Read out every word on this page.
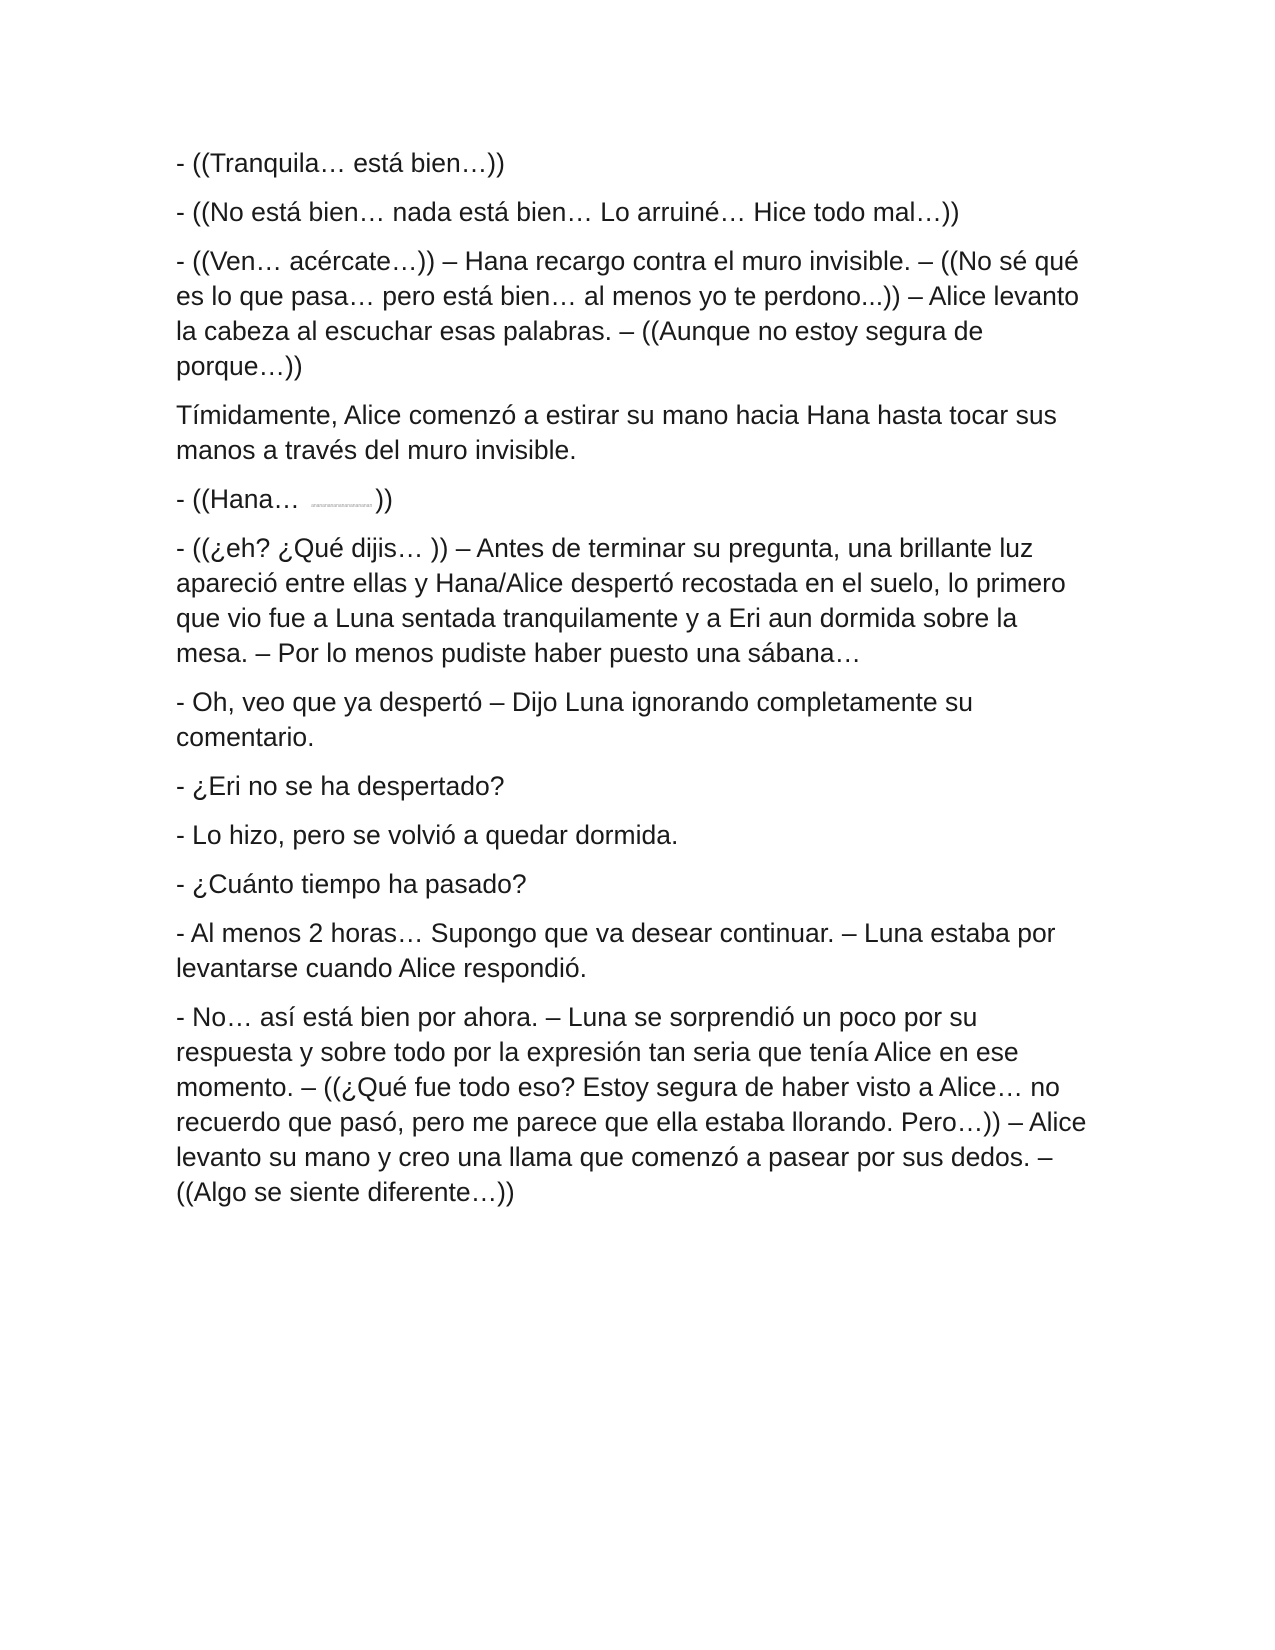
- ((Tranquila… está bien…))

- ((No está bien… nada está bien… Lo arruiné… Hice todo mal…))

- ((Ven… acércate…)) – Hana recargo contra el muro invisible. – ((No sé qué es lo que pasa… pero está bien… al menos yo te perdono...)) – Alice levanto la cabeza al escuchar esas palabras. – ((Aunque no estoy segura de porque…))

Tímidamente, Alice comenzó a estirar su mano hacia Hana hasta tocar sus manos a través del muro invisible.

- ((Hana… ananananananananananan ))

- ((¿eh? ¿Qué dijis… )) – Antes de terminar su pregunta, una brillante luz apareció entre ellas y Hana/Alice despertó recostada en el suelo, lo primero que vio fue a Luna sentada tranquilamente y a Eri aun dormida sobre la mesa. – Por lo menos pudiste haber puesto una sábana…

- Oh, veo que ya despertó – Dijo Luna ignorando completamente su comentario.

- ¿Eri no se ha despertado?

- Lo hizo, pero se volvió a quedar dormida.

- ¿Cuánto tiempo ha pasado?

- Al menos 2 horas… Supongo que va desear continuar. – Luna estaba por levantarse cuando Alice respondió.

- No… así está bien por ahora. – Luna se sorprendió un poco por su respuesta y sobre todo por la expresión tan seria que tenía Alice en ese momento. – ((¿Qué fue todo eso? Estoy segura de haber visto a Alice… no recuerdo que pasó, pero me parece que ella estaba llorando. Pero…)) – Alice levanto su mano y creo una llama que comenzó a pasear por sus dedos. – ((Algo se siente diferente…))
